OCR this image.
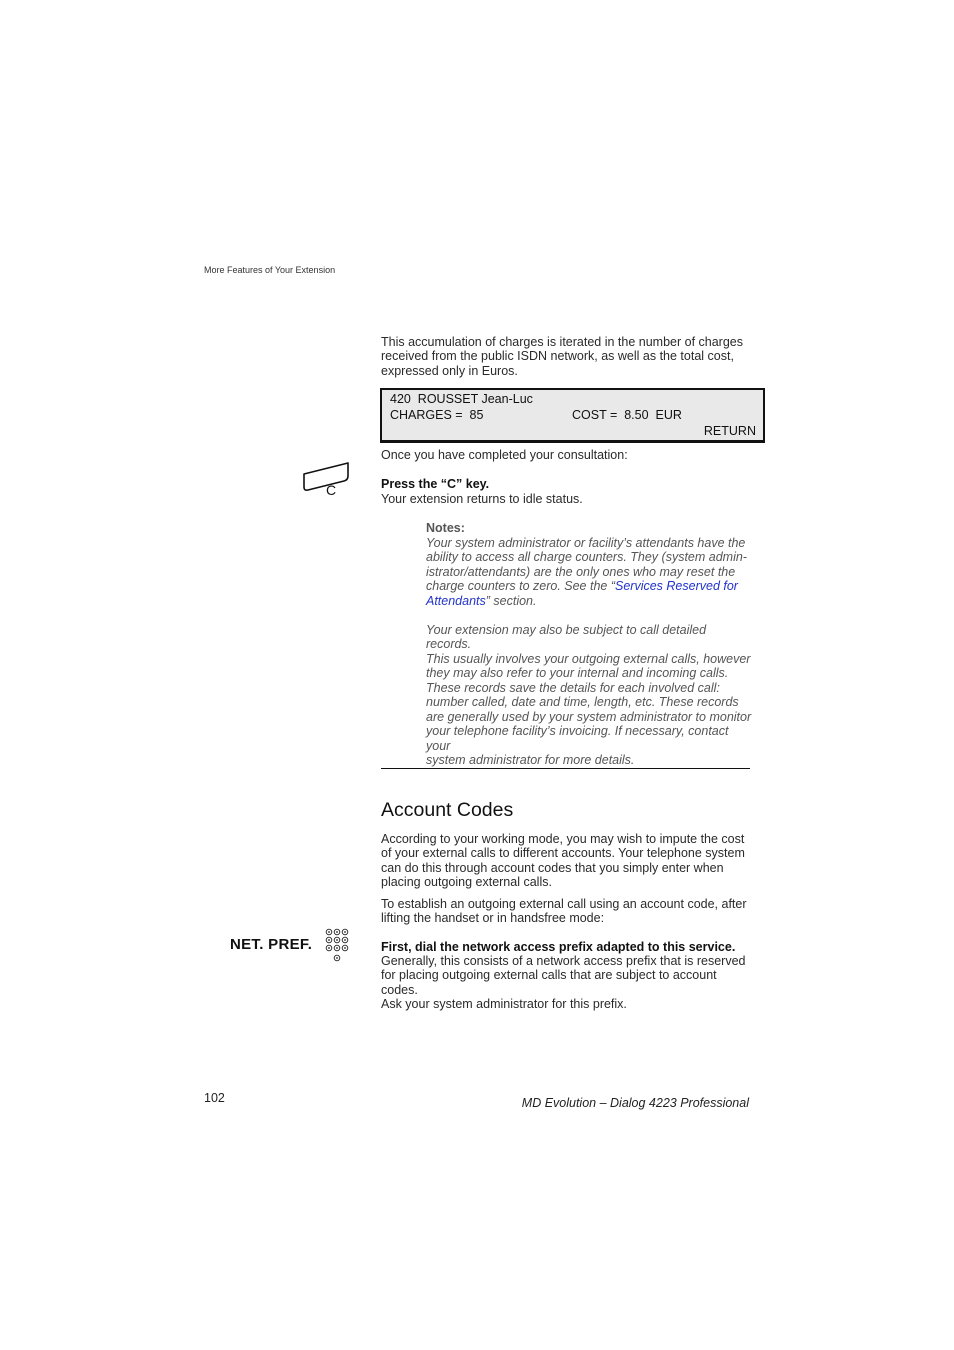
More Features of Your Extension
This accumulation of charges is iterated in the number of charges
received from the public ISDN network, as well as the total cost,
expressed only in Euros.
420  ROUSSET Jean-Luc
CHARGES =  85	COST =  8.50  EUR
RETURN
Once you have completed your consultation:
C	Press the “C” key.
Your extension returns to idle status.
Notes:
Your system administrator or facility’s attendants have the
ability to access all charge counters. They (system admin-
istrator/attendants) are the only ones who may reset the
charge counters to zero. See the “Services Reserved for
Attendants” section.
Your extension may also be subject to call detailed records.
This usually involves your outgoing external calls, however
they may also refer to your internal and incoming calls.
These records save the details for each involved call:
number called, date and time, length, etc. These records
are generally used by your system administrator to monitor
your telephone facility’s invoicing. If necessary, contact your
system administrator for more details.
Account Codes
According to your working mode, you may wish to impute the cost
of your external calls to different accounts. Your telephone system
can do this through account codes that you simply enter when
placing outgoing external calls.
To establish an outgoing external call using an account code, after
lifting the handset or in handsfree mode:
NET. PREF.	First, dial the network access prefix adapted to this service.
Generally, this consists of a network access prefix that is reserved
for placing outgoing external calls that are subject to account codes.
Ask your system administrator for this prefix.
102	MD Evolution – Dialog 4223 Professional
